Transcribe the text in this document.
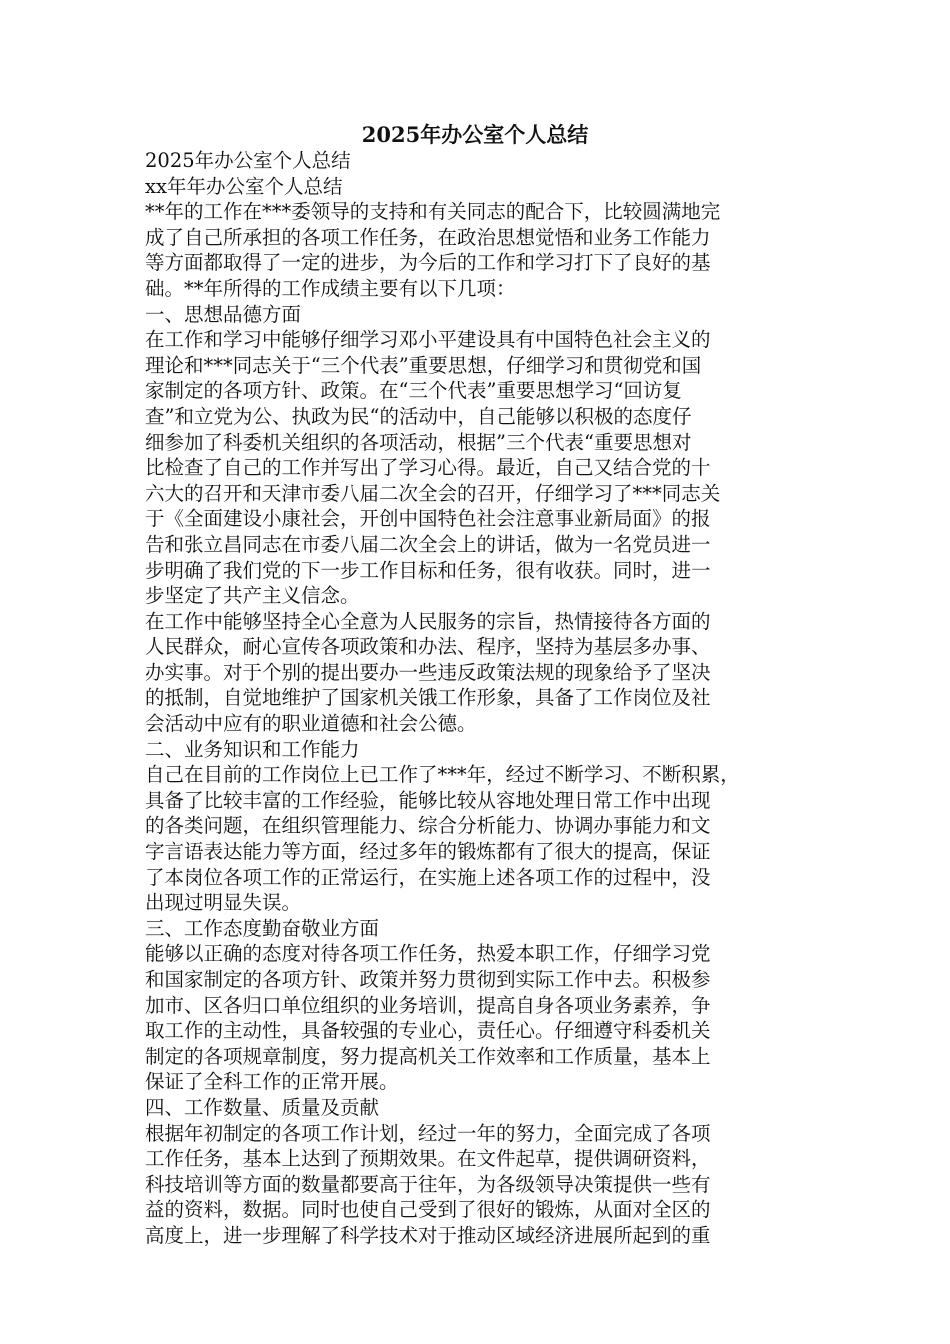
2025年办公室个人总结
2025年办公室个人总结
xx年年办公室个人总结
**年的工作在***委领导的支持和有关同志的配合下，比较圆满地完
成了自己所承担的各项工作任务，在政治思想觉悟和业务工作能力
等方面都取得了一定的进步，为今后的工作和学习打下了良好的基
础。**年所得的工作成绩主要有以下几项：
一、思想品德方面
在工作和学习中能够仔细学习邓小平建设具有中国特色社会主义的
理论和***同志关于“三个代表”重要思想，仔细学习和贯彻党和国
家制定的各项方针、政策。在“三个代表”重要思想学习“回访复
查”和立党为公、执政为民“的活动中，自己能够以积极的态度仔
细参加了科委机关组织的各项活动，根据”三个代表“重要思想对
比检查了自己的工作并写出了学习心得。最近，自己又结合党的十
六大的召开和天津市委八届二次全会的召开，仔细学习了***同志关
于《全面建设小康社会，开创中国特色社会注意事业新局面》的报
告和张立昌同志在市委八届二次全会上的讲话，做为一名党员进一
步明确了我们党的下一步工作目标和任务，很有收获。同时，进一
步坚定了共产主义信念。
在工作中能够坚持全心全意为人民服务的宗旨，热情接待各方面的
人民群众，耐心宣传各项政策和办法、程序，坚持为基层多办事、
办实事。对于个别的提出要办一些违反政策法规的现象给予了坚决
的抵制，自觉地维护了国家机关饿工作形象，具备了工作岗位及社
会活动中应有的职业道德和社会公德。
二、业务知识和工作能力
自己在目前的工作岗位上已工作了***年，经过不断学习、不断积累，
具备了比较丰富的工作经验，能够比较从容地处理日常工作中出现
的各类问题，在组织管理能力、综合分析能力、协调办事能力和文
字言语表达能力等方面，经过多年的锻炼都有了很大的提高，保证
了本岗位各项工作的正常运行，在实施上述各项工作的过程中，没
出现过明显失误。
三、工作态度勤奋敬业方面
能够以正确的态度对待各项工作任务，热爱本职工作，仔细学习党
和国家制定的各项方针、政策并努力贯彻到实际工作中去。积极参
加市、区各归口单位组织的业务培训，提高自身各项业务素养，争
取工作的主动性，具备较强的专业心，责任心。仔细遵守科委机关
制定的各项规章制度，努力提高机关工作效率和工作质量，基本上
保证了全科工作的正常开展。
四、工作数量、质量及贡献
根据年初制定的各项工作计划，经过一年的努力，全面完成了各项
工作任务，基本上达到了预期效果。在文件起草，提供调研资料，
科技培训等方面的数量都要高于往年，为各级领导决策提供一些有
益的资料，数据。同时也使自己受到了很好的锻炼，从面对全区的
高度上，进一步理解了科学技术对于推动区域经济进展所起到的重
